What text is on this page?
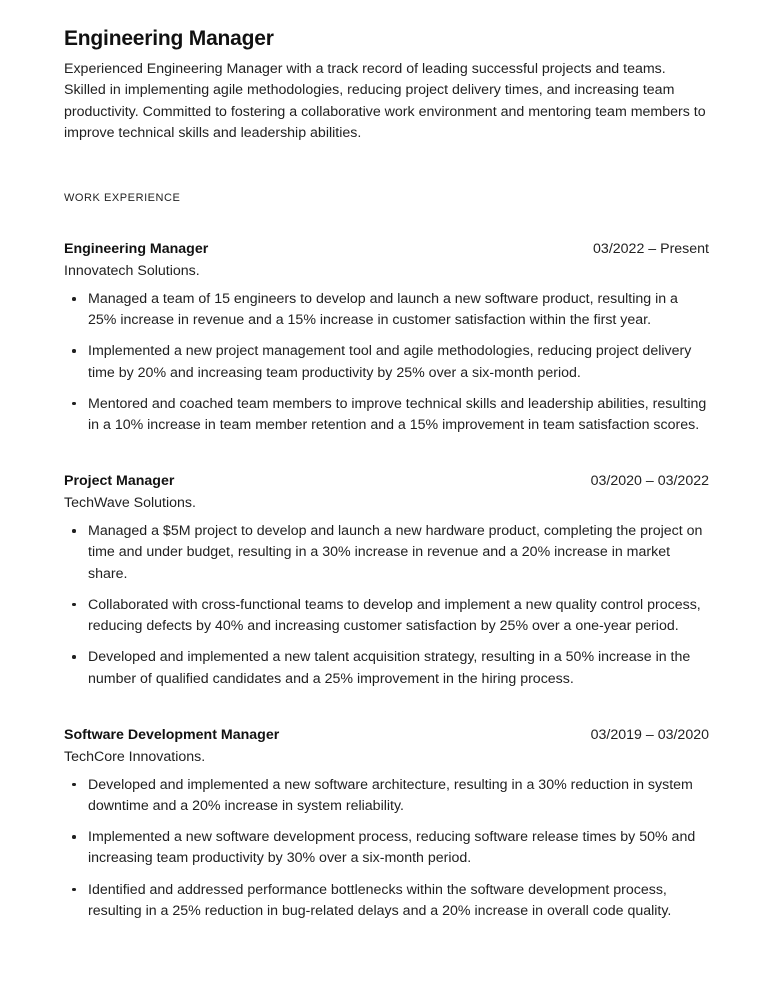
Engineering Manager

Experienced Engineering Manager with a track record of leading successful projects and teams. Skilled in implementing agile methodologies, reducing project delivery times, and increasing team productivity. Committed to fostering a collaborative work environment and mentoring team members to improve technical skills and leadership abilities.

WORK EXPERIENCE
Engineering Manager	03/2022 – Present
Innovatech Solutions.
Managed a team of 15 engineers to develop and launch a new software product, resulting in a 25% increase in revenue and a 15% increase in customer satisfaction within the first year.
Implemented a new project management tool and agile methodologies, reducing project delivery time by 20% and increasing team productivity by 25% over a six-month period.
Mentored and coached team members to improve technical skills and leadership abilities, resulting in a 10% increase in team member retention and a 15% improvement in team satisfaction scores.
Project Manager	03/2020 – 03/2022
TechWave Solutions.
Managed a $5M project to develop and launch a new hardware product, completing the project on time and under budget, resulting in a 30% increase in revenue and a 20% increase in market share.
Collaborated with cross-functional teams to develop and implement a new quality control process, reducing defects by 40% and increasing customer satisfaction by 25% over a one-year period.
Developed and implemented a new talent acquisition strategy, resulting in a 50% increase in the number of qualified candidates and a 25% improvement in the hiring process.
Software Development Manager	03/2019 – 03/2020
TechCore Innovations.
Developed and implemented a new software architecture, resulting in a 30% reduction in system downtime and a 20% increase in system reliability.
Implemented a new software development process, reducing software release times by 50% and increasing team productivity by 30% over a six-month period.
Identified and addressed performance bottlenecks within the software development process, resulting in a 25% reduction in bug-related delays and a 20% increase in overall code quality.
